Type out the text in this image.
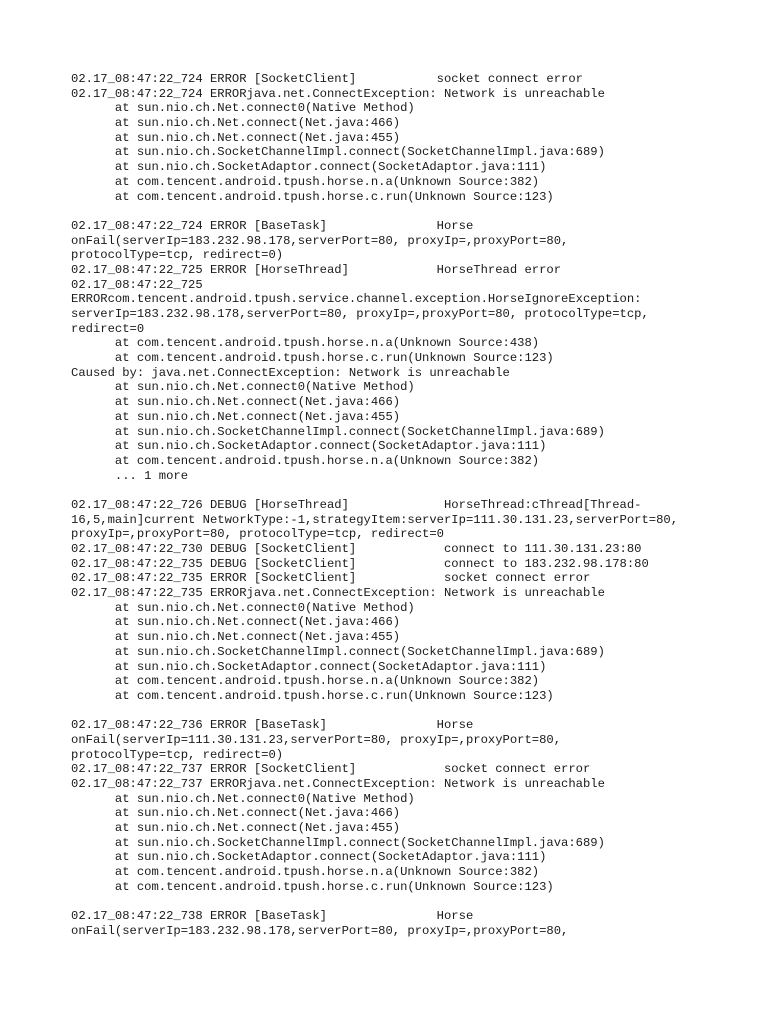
02.17_08:47:22_724 ERROR [SocketClient]           socket connect error
02.17_08:47:22_724 ERRORjava.net.ConnectException: Network is unreachable
at sun.nio.ch.Net.connect0(Native Method)
at sun.nio.ch.Net.connect(Net.java:466)
at sun.nio.ch.Net.connect(Net.java:455)
at sun.nio.ch.SocketChannelImpl.connect(SocketChannelImpl.java:689)
at sun.nio.ch.SocketAdaptor.connect(SocketAdaptor.java:111)
at com.tencent.android.tpush.horse.n.a(Unknown Source:382)
at com.tencent.android.tpush.horse.c.run(Unknown Source:123)
02.17_08:47:22_724 ERROR [BaseTask]               Horse
onFail(serverIp=183.232.98.178,serverPort=80, proxyIp=,proxyPort=80,
protocolType=tcp, redirect=0)
02.17_08:47:22_725 ERROR [HorseThread]            HorseThread error
02.17_08:47:22_725
ERRORcom.tencent.android.tpush.service.channel.exception.HorseIgnoreException:
serverIp=183.232.98.178,serverPort=80, proxyIp=,proxyPort=80, protocolType=tcp,
redirect=0
at com.tencent.android.tpush.horse.n.a(Unknown Source:438)
at com.tencent.android.tpush.horse.c.run(Unknown Source:123)
Caused by: java.net.ConnectException: Network is unreachable
at sun.nio.ch.Net.connect0(Native Method)
at sun.nio.ch.Net.connect(Net.java:466)
at sun.nio.ch.Net.connect(Net.java:455)
at sun.nio.ch.SocketChannelImpl.connect(SocketChannelImpl.java:689)
at sun.nio.ch.SocketAdaptor.connect(SocketAdaptor.java:111)
at com.tencent.android.tpush.horse.n.a(Unknown Source:382)
... 1 more
02.17_08:47:22_726 DEBUG [HorseThread]             HorseThread:cThread[Thread-
16,5,main]current NetworkType:-1,strategyItem:serverIp=111.30.131.23,serverPort=80,
proxyIp=,proxyPort=80, protocolType=tcp, redirect=0
02.17_08:47:22_730 DEBUG [SocketClient]            connect to 111.30.131.23:80
02.17_08:47:22_735 DEBUG [SocketClient]            connect to 183.232.98.178:80
02.17_08:47:22_735 ERROR [SocketClient]            socket connect error
02.17_08:47:22_735 ERRORjava.net.ConnectException: Network is unreachable
at sun.nio.ch.Net.connect0(Native Method)
at sun.nio.ch.Net.connect(Net.java:466)
at sun.nio.ch.Net.connect(Net.java:455)
at sun.nio.ch.SocketChannelImpl.connect(SocketChannelImpl.java:689)
at sun.nio.ch.SocketAdaptor.connect(SocketAdaptor.java:111)
at com.tencent.android.tpush.horse.n.a(Unknown Source:382)
at com.tencent.android.tpush.horse.c.run(Unknown Source:123)
02.17_08:47:22_736 ERROR [BaseTask]               Horse
onFail(serverIp=111.30.131.23,serverPort=80, proxyIp=,proxyPort=80,
protocolType=tcp, redirect=0)
02.17_08:47:22_737 ERROR [SocketClient]            socket connect error
02.17_08:47:22_737 ERRORjava.net.ConnectException: Network is unreachable
at sun.nio.ch.Net.connect0(Native Method)
at sun.nio.ch.Net.connect(Net.java:466)
at sun.nio.ch.Net.connect(Net.java:455)
at sun.nio.ch.SocketChannelImpl.connect(SocketChannelImpl.java:689)
at sun.nio.ch.SocketAdaptor.connect(SocketAdaptor.java:111)
at com.tencent.android.tpush.horse.n.a(Unknown Source:382)
at com.tencent.android.tpush.horse.c.run(Unknown Source:123)
02.17_08:47:22_738 ERROR [BaseTask]               Horse
onFail(serverIp=183.232.98.178,serverPort=80, proxyIp=,proxyPort=80,
